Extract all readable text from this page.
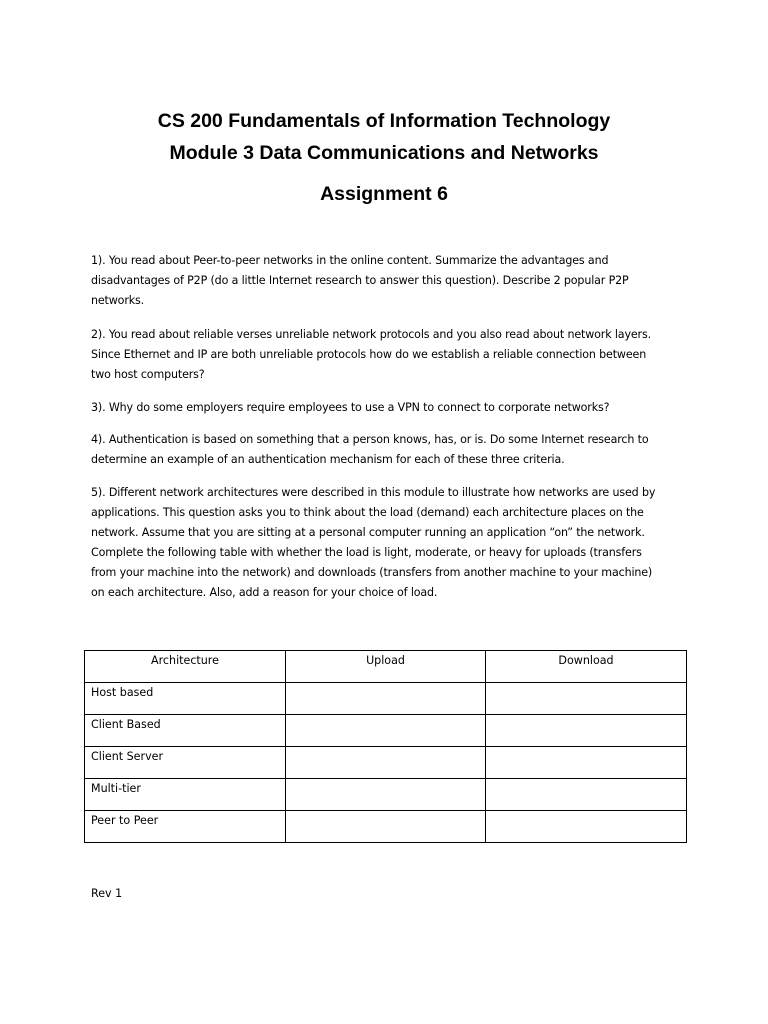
CS 200 Fundamentals of Information Technology
Module 3 Data Communications and Networks
Assignment 6
1). You read about Peer-to-peer networks in the online content. Summarize the advantages and
disadvantages of P2P (do a little Internet research to answer this question). Describe 2 popular P2P
networks.
2). You read about reliable verses unreliable network protocols and you also read about network layers.
Since Ethernet and IP are both unreliable protocols how do we establish a reliable connection between
two host computers?
3). Why do some employers require employees to use a VPN to connect to corporate networks?
4). Authentication is based on something that a person knows, has, or is. Do some Internet research to
determine an example of an authentication mechanism for each of these three criteria.
5). Different network architectures were described in this module to illustrate how networks are used by
applications. This question asks you to think about the load (demand) each architecture places on the
network. Assume that you are sitting at a personal computer running an application “on” the network.
Complete the following table with whether the load is light, moderate, or heavy for uploads (transfers
from your machine into the network) and downloads (transfers from another machine to your machine)
on each architecture. Also, add a reason for your choice of load.
Architecture	Upload	Download
Host based		
Client Based		
Client Server		
Multi-tier		
Peer to Peer		
Rev 1
